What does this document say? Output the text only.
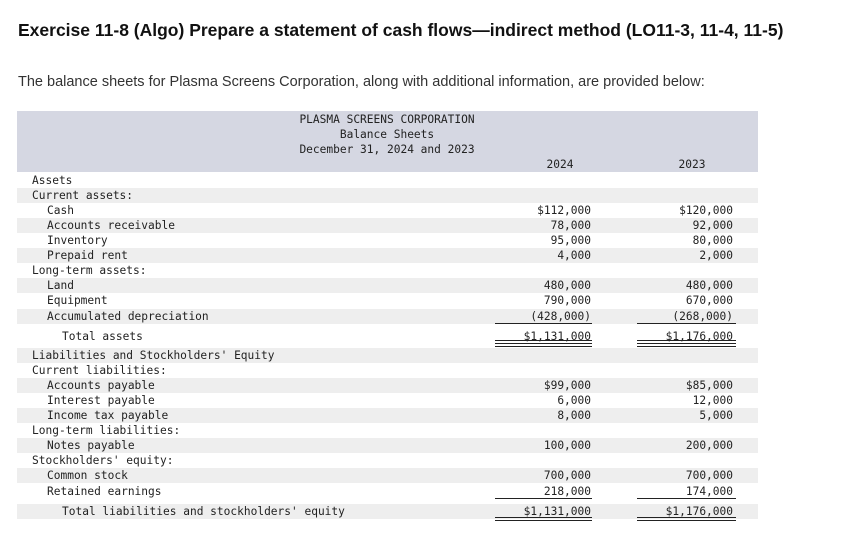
Exercise 11-8 (Algo) Prepare a statement of cash flows—indirect method (LO11-3, 11-4, 11-5)
The balance sheets for Plasma Screens Corporation, along with additional information, are provided below:
PLASMA SCREENS CORPORATION
Balance Sheets
December 31, 2024 and 2023
2024	2023
Assets
Current assets:
Cash	$112,000	$120,000
Accounts receivable	78,000	92,000
Inventory	95,000	80,000
Prepaid rent	4,000	2,000
Long-term assets:
Land	480,000	480,000
Equipment	790,000	670,000
Accumulated depreciation	(428,000)	(268,000)
Total assets	$1,131,000	$1,176,000
Liabilities and Stockholders' Equity
Current liabilities:
Accounts payable	$99,000	$85,000
Interest payable	6,000	12,000
Income tax payable	8,000	5,000
Long-term liabilities:
Notes payable	100,000	200,000
Stockholders' equity:
Common stock	700,000	700,000
Retained earnings	218,000	174,000
Total liabilities and stockholders' equity	$1,131,000	$1,176,000
